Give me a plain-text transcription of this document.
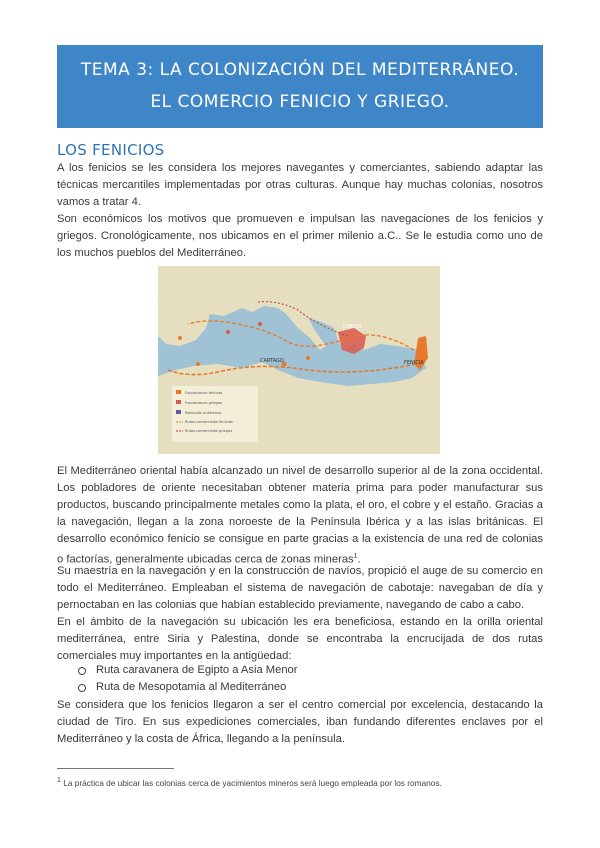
TEMA 3: LA COLONIZACIÓN DEL MEDITERRÁNEO.
EL COMERCIO FENICIO Y GRIEGO.
LOS FENICIOS
A los fenicios se les considera los mejores navegantes y comerciantes, sabiendo adaptar las técnicas mercantiles implementadas por otras culturas. Aunque hay muchas colonias, nosotros vamos a tratar 4.
Son económicos los motivos que promueven e impulsan las navegaciones de los fenicios y griegos. Cronológicamente, nos ubicamos en el primer milenio a.C.. Se le estudia como uno de los muchos pueblos del Mediterráneo.
CARTAGO
GRECIA
FENICIA
Fundaciones fenicias
Fundaciones griegas
Población autóctona
Rutas comerciales fenicias
Rutas comerciales griegas
El Mediterráneo oriental había alcanzado un nivel de desarrollo superior al de la zona occidental. Los pobladores de oriente necesitaban obtener materia prima para poder manufacturar sus productos, buscando principalmente metales como la plata, el oro, el cobre y el estaño. Gracias a la navegación, llegan a la zona noroeste de la Península Ibérica y a las islas británicas. El desarrollo económico fenicio se consigue en parte gracias a la existencia de una red de colonias o factorías, generalmente ubicadas cerca de zonas mineras$^1$.
Su maestría en la navegación y en la construcción de navíos, propició el auge de su comercio en todo el Mediterráneo. Empleaban el sistema de navegación de cabotaje: navegaban de día y pernoctaban en las colonias que habían establecido previamente, navegando de cabo a cabo.
En el ámbito de la navegación su ubicación les era beneficiosa, estando en la orilla oriental mediterránea, entre Siria y Palestina, donde se encontraba la encrucijada de dos rutas comerciales muy importantes en la antigüedad:
Ruta caravanera de Egipto a Asia Menor
Ruta de Mesopotamia al Mediterráneo
Se considera que los fenicios llegaron a ser el centro comercial por excelencia, destacando la ciudad de Tiro. En sus expediciones comerciales, iban fundando diferentes enclaves por el Mediterráneo y la costa de África, llegando a la península.
$^1$ La práctica de ubicar las colonias cerca de yacimientos mineros será luego empleada por los romanos.
